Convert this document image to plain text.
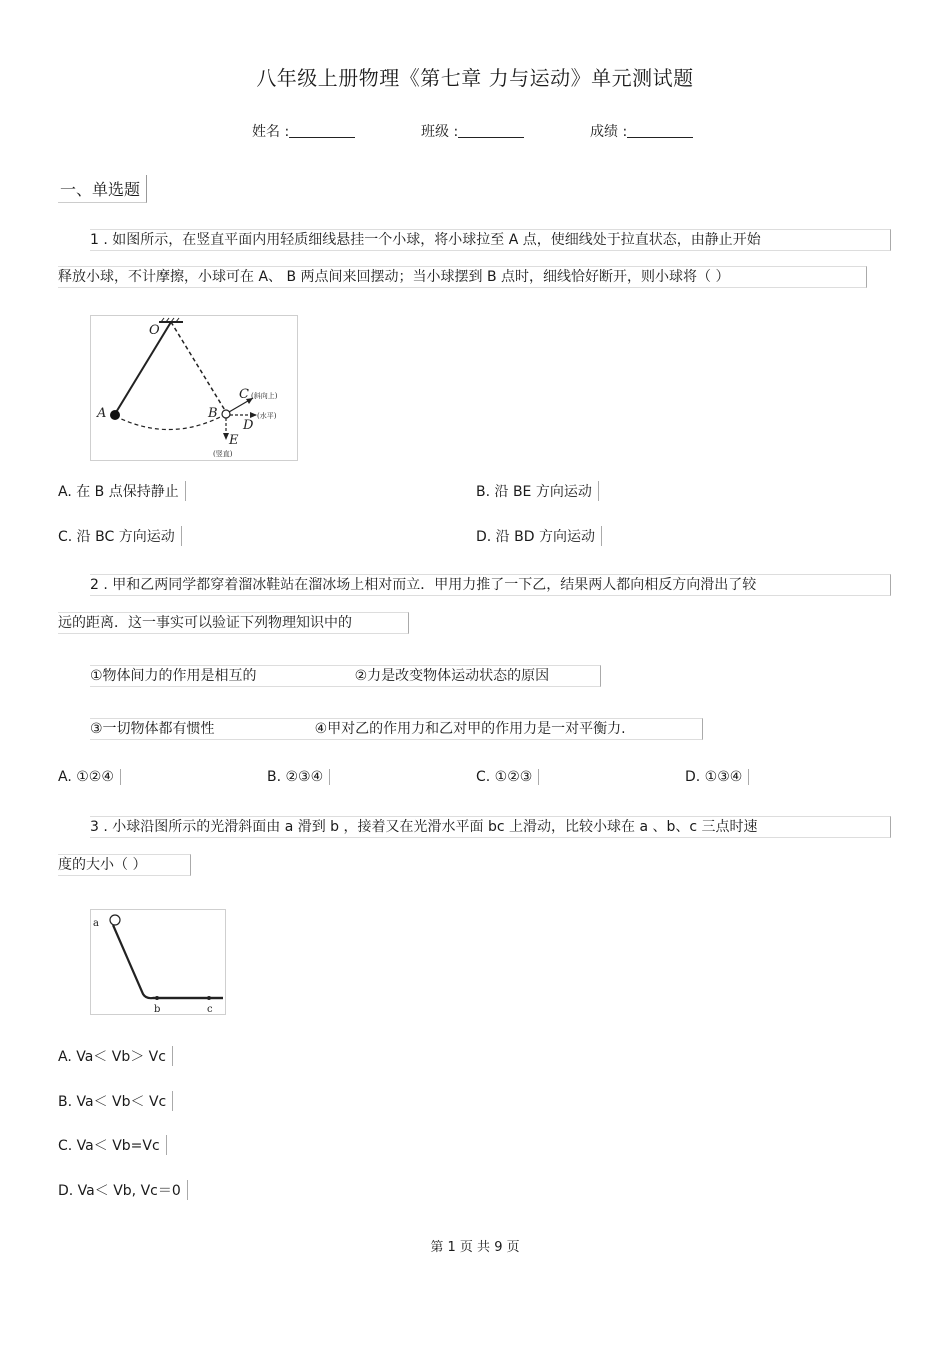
八年级上册物理《第七章 力与运动》单元测试题
姓名 :	班级 :	成绩 :
一、单选题
1 . 如图所示，在竖直平面内用轻质细线悬挂一个小球，将小球拉至 A 点，使细线处于拉直状态，由静止开始
释放小球，不计摩擦，小球可在 A、 B 两点间来回摆动；当小球摆到 B 点时，细线恰好断开，则小球将（ ）
O
A	B
C (斜向上)
D
(水平)
E
(竖直)
A. 在 B 点保持静止	B. 沿 BE 方向运动
C. 沿 BC 方向运动	D. 沿 BD 方向运动
2 . 甲和乙两同学都穿着溜冰鞋站在溜冰场上相对而立．甲用力推了一下乙，结果两人都向相反方向滑出了较
远的距离．这一事实可以验证下列物理知识中的
①物体间力的作用是相互的	②力是改变物体运动状态的原因
③一切物体都有惯性	④甲对乙的作用力和乙对甲的作用力是一对平衡力.
A. ①②④	B. ②③④	C. ①②③	D. ①③④
3 . 小球沿图所示的光滑斜面由 a 滑到 b ，接着又在光滑水平面 bc 上滑动，比较小球在 a 、b、c 三点时速
度的大小（ ）
a
b	c
A. Va＜ Vb＞ Vc
B. Va＜ Vb＜ Vc
C. Va＜ Vb=Vc
D. Va＜ Vb, Vc＝0
第 1 页 共 9 页
